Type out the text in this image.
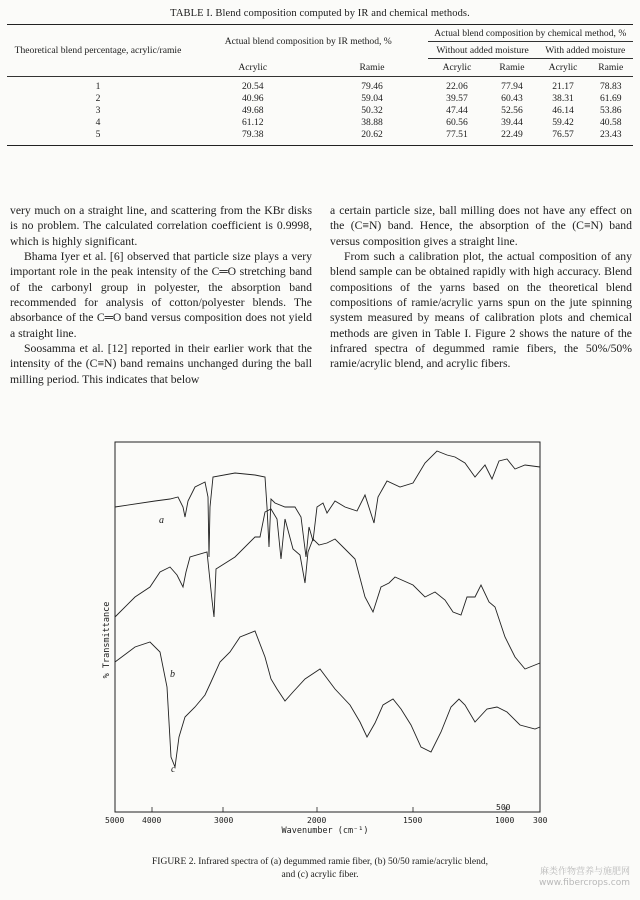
TABLE I. Blend composition computed by IR and chemical methods.
Theoretical blend percentage, acrylic/ramie	Actual blend composition by IR method, %		Actual blend composition by chemical method, %			
			Without added moisture		With added moisture	
	Acrylic	Ramie	Acrylic	Ramie	Acrylic	Ramie
1	20.54	79.46	22.06	77.94	21.17	78.83
2	40.96	59.04	39.57	60.43	38.31	61.69
3	49.68	50.32	47.44	52.56	46.14	53.86
4	61.12	38.88	60.56	39.44	59.42	40.58
5	79.38	20.62	77.51	22.49	76.57	23.43

very much on a straight line, and scattering from the KBr disks is no problem. The calculated correlation coefficient is 0.9998, which is highly significant.

Bhama Iyer et al. [6] observed that particle size plays a very important role in the peak intensity of the C═O stretching band of the carbonyl group in polyester, the absorption band recommended for analysis of cotton/polyester blends. The absorbance of the C═O band versus composition does not yield a straight line.

Soosamma et al. [12] reported in their earlier work that the intensity of the (C≡N) band remains unchanged during the ball milling period. This indicates that below

a certain particle size, ball milling does not have any effect on the (C≡N) band. Hence, the absorption of the (C≡N) band versus composition gives a straight line.

From such a calibration plot, the actual composition of any blend sample can be obtained rapidly with high accuracy. Blend compositions of the yarns based on the theoretical blend compositions of ramie/acrylic yarns spun on the jute spinning system measured by means of calibration plots and chemical methods are given in Table I. Figure 2 shows the nature of the infrared spectra of degummed ramie fibers, the 50%/50% ramie/acrylic blend, and acrylic fibers.

% Transmittance
a
b
c
5000 4000	3000	2000	1500	1000
500
300
Wavenumber (cm⁻¹)
FIGURE 2. Infrared spectra of (a) degummed ramie fiber, (b) 50/50 ramie/acrylic blend,
and (c) acrylic fiber.	麻类作物营养与施肥网
www.fibercrops.com
